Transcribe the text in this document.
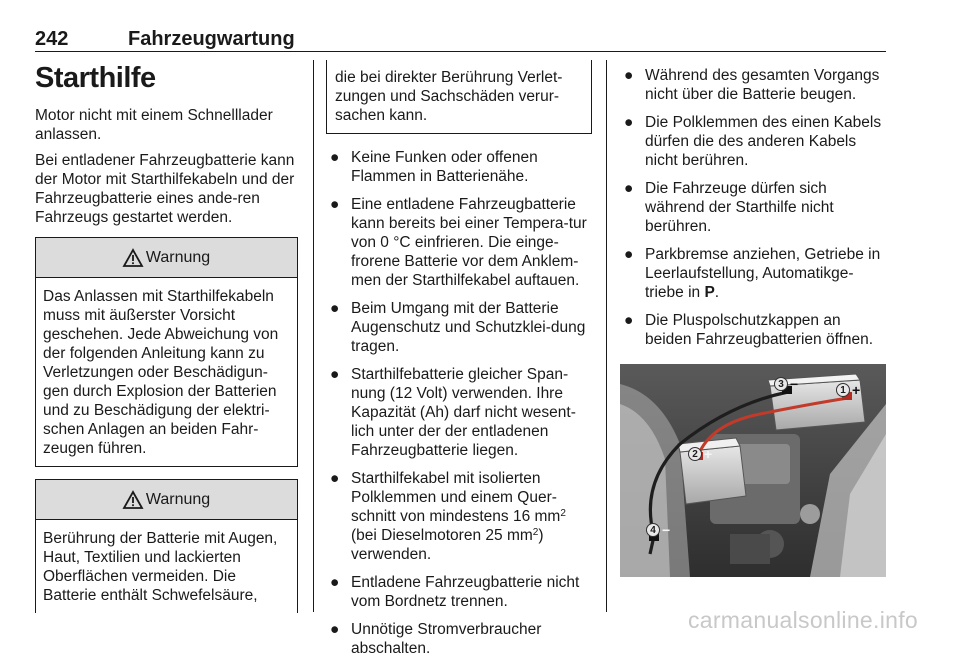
242	Fahrzeugwartung
Starthilfe

Motor nicht mit einem Schnelllader anlassen.

Bei entladener Fahrzeugbatterie kann der Motor mit Starthilfekabeln und der Fahrzeugbatterie eines ande-ren Fahrzeugs gestartet werden.

Warnung
Das Anlassen mit Starthilfekabeln muss mit äußerster Vorsicht geschehen. Jede Abweichung von der folgenden Anleitung kann zu Verletzungen oder Beschädigun-gen durch Explosion der Batterien und zu Beschädigung der elektri-schen Anlagen an beiden Fahr-zeugen führen.
Warnung
Berührung der Batterie mit Augen, Haut, Textilien und lackierten Oberflächen vermeiden. Die Batterie enthält Schwefelsäure,
die bei direkter Berührung Verlet-zungen und Sachschäden verur-sachen kann.
● Keine Funken oder offenen Flammen in Batterienähe.
● Eine entladene Fahrzeugbatterie kann bereits bei einer Tempera-tur von 0 °C einfrieren. Die einge-frorene Batterie vor dem Anklem-men der Starthilfekabel auftauen.
● Beim Umgang mit der Batterie Augenschutz und Schutzklei-dung tragen.
● Starthilfebatterie gleicher Span-nung (12 Volt) verwenden. Ihre Kapazität (Ah) darf nicht wesent-lich unter der der entladenen Fahrzeugbatterie liegen.
● Starthilfekabel mit isolierten Polklemmen und einem Quer-schnitt von mindestens 16 $mm^2$ (bei Dieselmotoren 25 $mm^2$) verwenden.
● Entladene Fahrzeugbatterie nicht vom Bordnetz trennen.
● Unnötige Stromverbraucher abschalten.
● Während des gesamten Vorgangs nicht über die Batterie beugen.
● Die Polklemmen des einen Kabels dürfen die des anderen Kabels nicht berühren.
● Die Fahrzeuge dürfen sich während der Starthilfe nicht berühren.
● Parkbremse anziehen, Getriebe in Leerlaufstellung, Automatikge-triebe in P.
● Die Pluspolschutzkappen an beiden Fahrzeugbatterien öffnen.
1 +
2 +
3 −
4 −
carmanualsonline.info
